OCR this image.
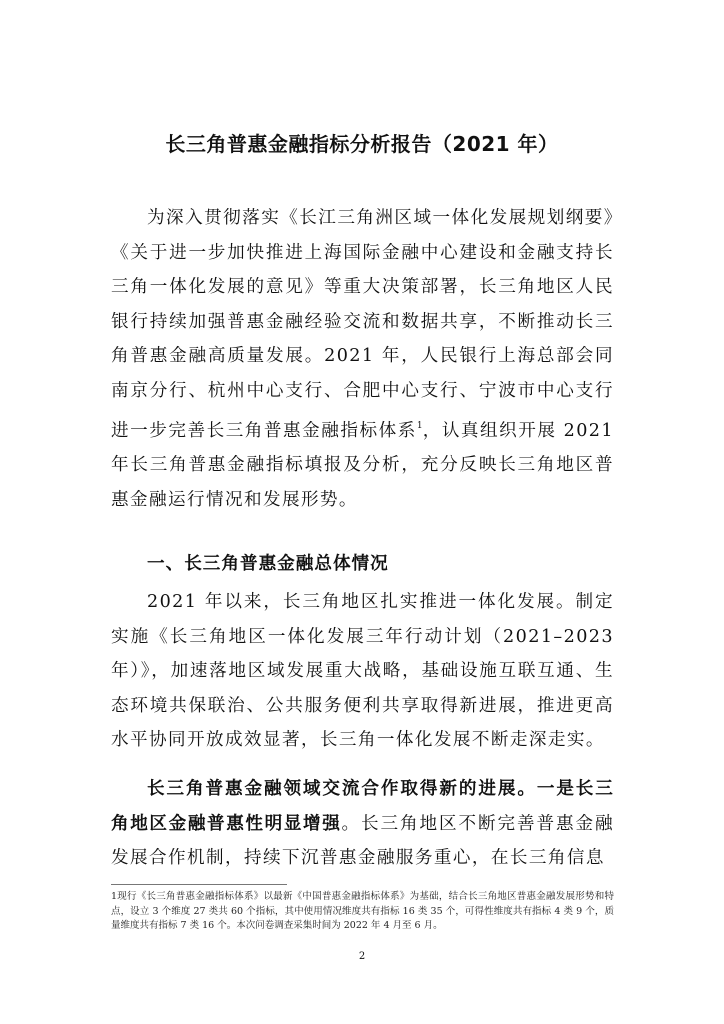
长三角普惠金融指标分析报告（2021 年）
为深入贯彻落实《长江三角洲区域一体化发展规划纲要》《关于进一步加快推进上海国际金融中心建设和金融支持长三角一体化发展的意见》等重大决策部署，长三角地区人民银行持续加强普惠金融经验交流和数据共享，不断推动长三角普惠金融高质量发展。2021 年，人民银行上海总部会同南京分行、杭州中心支行、合肥中心支行、宁波市中心支行进一步完善长三角普惠金融指标体系$^1$，认真组织开展 2021 年长三角普惠金融指标填报及分析，充分反映长三角地区普惠金融运行情况和发展形势。
一、长三角普惠金融总体情况
2021 年以来，长三角地区扎实推进一体化发展。制定实施《长三角地区一体化发展三年行动计划（2021–2023 年）》，加速落地区域发展重大战略，基础设施互联互通、生态环境共保联治、公共服务便利共享取得新进展，推进更高水平协同开放成效显著，长三角一体化发展不断走深走实。
长三角普惠金融领域交流合作取得新的进展。一是长三角地区金融普惠性明显增强。长三角地区不断完善普惠金融发展合作机制，持续下沉普惠金融服务重心，在长三角信息
1现行《长三角普惠金融指标体系》以最新《中国普惠金融指标体系》为基础，结合长三角地区普惠金融发展形势和特点，设立 3 个维度 27 类共 60 个指标，其中使用情况维度共有指标 16 类 35 个，可得性维度共有指标 4 类 9 个，质量维度共有指标 7 类 16 个。本次问卷调查采集时间为 2022 年 4 月至 6 月。
2
